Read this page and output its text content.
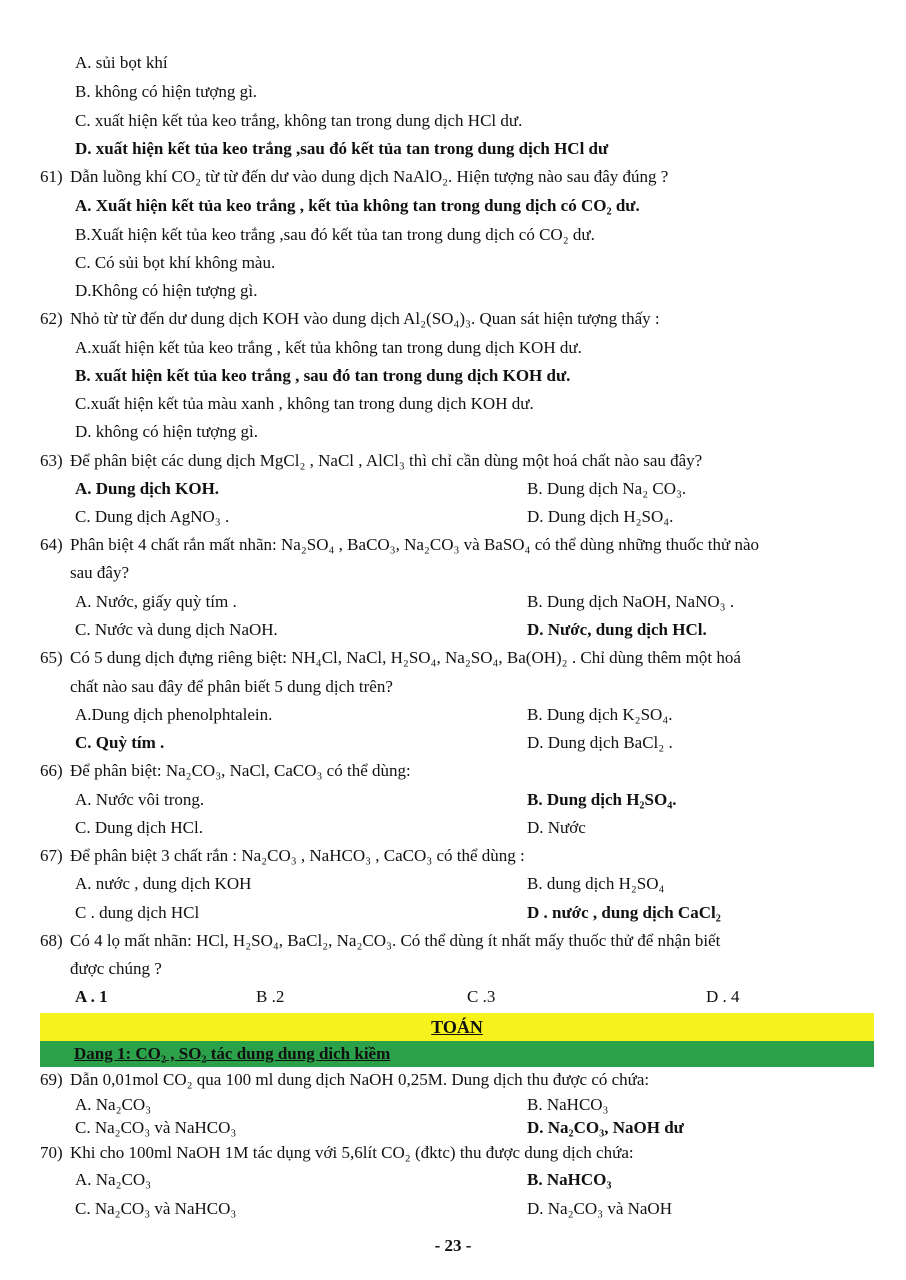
A. sủi bọt khí
B. không có hiện tượng gì.
C. xuất hiện kết tủa keo trắng, không tan trong dung dịch HCl dư.
D. xuất hiện kết tủa keo trắng ,sau đó kết tủa tan trong dung dịch HCl dư
61) Dẫn luồng khí CO₂ từ từ đến dư vào dung dịch NaAlO₂. Hiện tượng nào sau đây đúng ?
A. Xuất hiện kết tủa keo trắng , kết tủa không tan trong dung dịch có CO₂ dư.
B.Xuất hiện kết tủa keo trắng ,sau đó kết tủa tan trong dung dịch có CO₂ dư.
C. Có sủi bọt khí không màu.
D.Không có hiện tượng gì.
62) Nhỏ từ từ đến dư dung dịch KOH vào dung dịch Al₂(SO₄)₃. Quan sát hiện tượng thấy :
A.xuất hiện kết tủa keo trắng , kết tủa không tan trong dung dịch KOH dư.
B. xuất hiện kết tủa keo trắng , sau đó tan trong dung dịch KOH dư.
C.xuất hiện kết tủa màu xanh , không tan trong dung dịch KOH dư.
D. không có hiện tượng gì.
63) Để phân biệt các dung dịch MgCl₂ , NaCl , AlCl₃ thì chỉ cần dùng một hoá chất nào sau đây?
A. Dung dịch KOH.	B. Dung dịch Na₂ CO₃.
C. Dung dịch AgNO₃ .	D. Dung dịch H₂SO₄.
64) Phân biệt 4 chất rắn mất nhãn: Na₂SO₄ , BaCO₃, Na₂CO₃ và BaSO₄ có thể dùng những thuốc thử nào
sau đây?
A. Nước, giấy quỳ tím .	B. Dung dịch NaOH, NaNO₃ .
C. Nước và dung dịch NaOH.	D. Nước, dung dịch HCl.
65) Có 5 dung dịch đựng riêng biệt: NH₄Cl, NaCl, H₂SO₄, Na₂SO₄, Ba(OH)₂ . Chỉ dùng thêm một hoá
chất nào sau đây để phân biết 5 dung dịch trên?
A.Dung dịch phenolphtalein.	B. Dung dịch K₂SO₄.
C. Quỳ tím .	D. Dung dịch BaCl₂ .
66) Để phân biệt: Na₂CO₃, NaCl, CaCO₃ có thể dùng:
A. Nước vôi trong.	B. Dung dịch H₂SO₄.
C. Dung dịch HCl.	D. Nước
67) Để phân biệt 3 chất rắn : Na₂CO₃ , NaHCO₃ , CaCO₃ có thể dùng :
A. nước , dung dịch KOH	B. dung dịch H₂SO₄
C . dung dịch HCl	D . nước , dung dịch CaCl₂
68) Có 4 lọ mất nhãn: HCl, H₂SO₄, BaCl₂, Na₂CO₃. Có thể dùng ít nhất mấy thuốc thử để nhận biết
được chúng ?
A . 1	B .2	C .3	D . 4
TOÁN
Dang 1: CO₂ , SO₂ tác dung dung dich kiềm
69) Dẫn 0,01mol CO₂ qua 100 ml dung dịch NaOH 0,25M. Dung dịch thu được có chứa:
A. Na₂CO₃	B. NaHCO₃
C. Na₂CO₃ và NaHCO₃	D. Na₂CO₃, NaOH dư
70) Khi cho 100ml NaOH 1M tác dụng với 5,6lít CO₂ (đktc) thu được dung dịch chứa:
A. Na₂CO₃	B. NaHCO₃
C. Na₂CO₃ và NaHCO₃	D. Na₂CO₃ và NaOH
- 23 -
